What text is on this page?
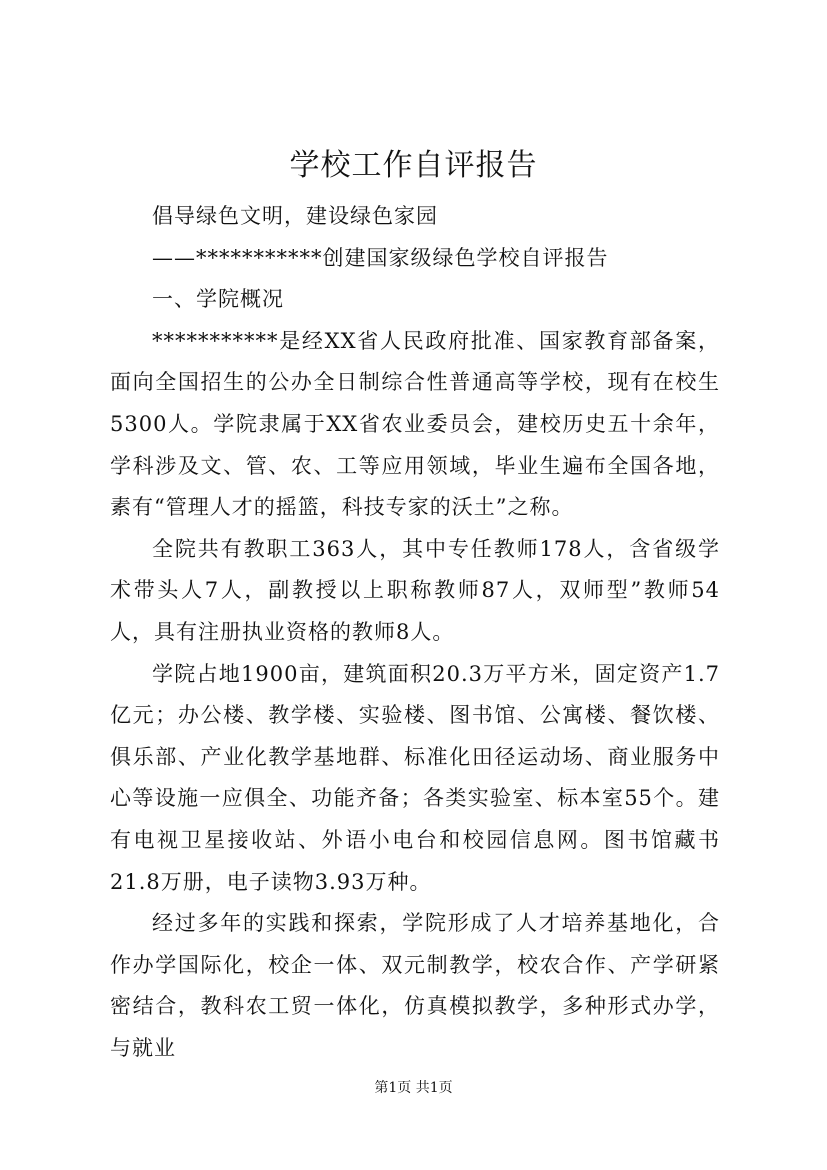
学校工作自评报告

倡导绿色文明，建设绿色家园

——***********创建国家级绿色学校自评报告

一、学院概况

***********是经XX省人民政府批准、国家教育部备案，面向全国招生的公办全日制综合性普通高等学校，现有在校生5300人。学院隶属于XX省农业委员会，建校历史五十余年，学科涉及文、管、农、工等应用领域，毕业生遍布全国各地，素有“管理人才的摇篮，科技专家的沃土”之称。

全院共有教职工363人，其中专任教师178人，含省级学术带头人7人，副教授以上职称教师87人，双师型”教师54人，具有注册执业资格的教师8人。

学院占地1900亩，建筑面积20.3万平方米，固定资产1.7亿元；办公楼、教学楼、实验楼、图书馆、公寓楼、餐饮楼、俱乐部、产业化教学基地群、标准化田径运动场、商业服务中心等设施一应俱全、功能齐备；各类实验室、标本室55个。建有电视卫星接收站、外语小电台和校园信息网。图书馆藏书21.8万册，电子读物3.93万种。

经过多年的实践和探索，学院形成了人才培养基地化，合作办学国际化，校企一体、双元制教学，校农合作、产学研紧密结合，教科农工贸一体化，仿真模拟教学，多种形式办学，与就业

第1页 共1页
